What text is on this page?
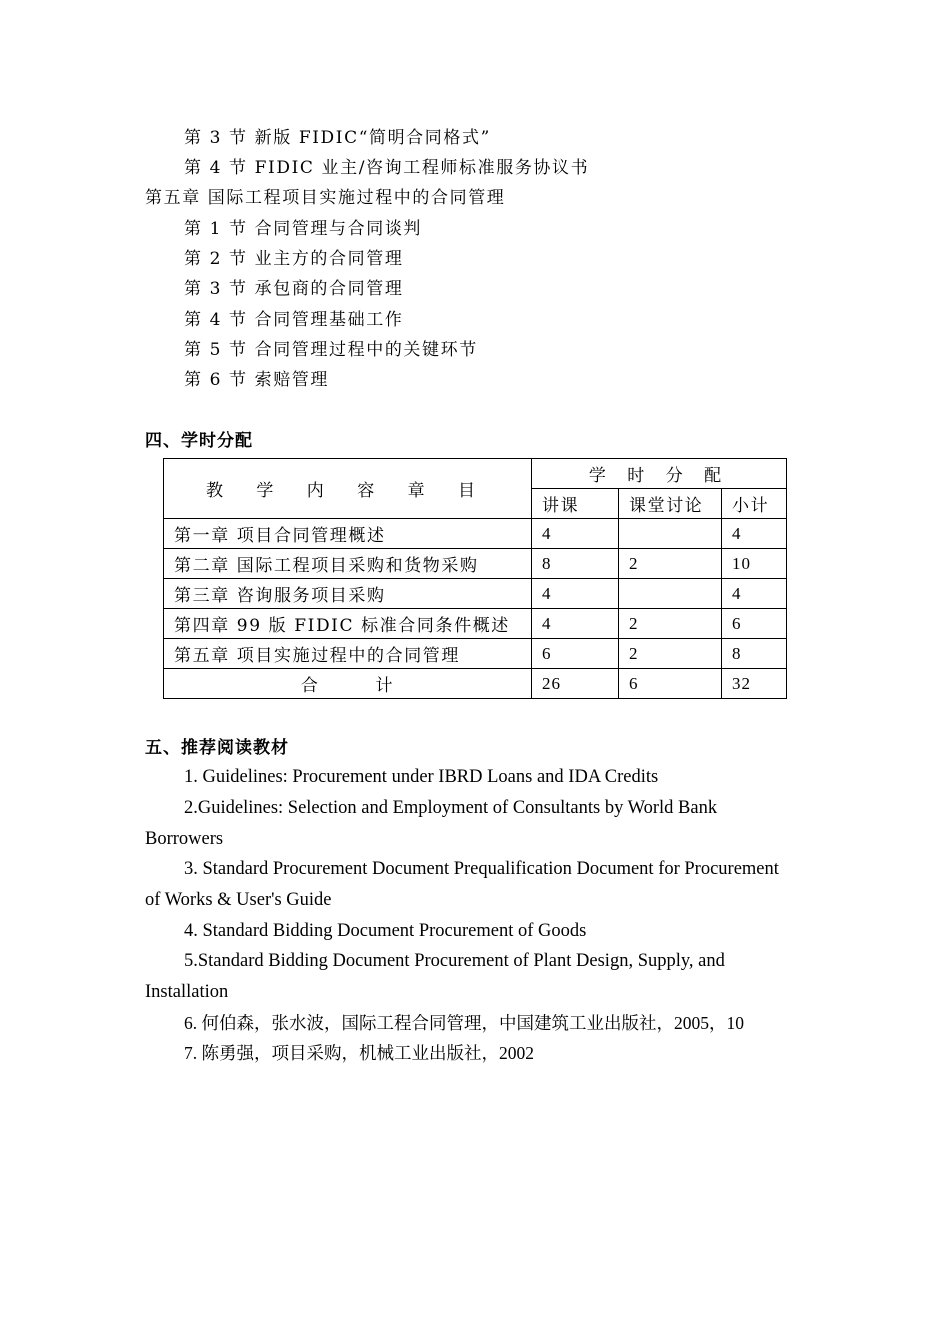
第 3 节 新版 FIDIC“简明合同格式”
第 4 节 FIDIC 业主/咨询工程师标准服务协议书
第五章 国际工程项目实施过程中的合同管理
第 1 节 合同管理与合同谈判
第 2 节 业主方的合同管理
第 3 节 承包商的合同管理
第 4 节 合同管理基础工作
第 5 节 合同管理过程中的关键环节
第 6 节 索赔管理
四、学时分配
教 学 内 容 章 目	学 时 分 配		
	讲课	课堂讨论	小计
第一章 项目合同管理概述	4		4
第二章 国际工程项目采购和货物采购	8	2	10
第三章 咨询服务项目采购	4		4
第四章 99 版 FIDIC 标准合同条件概述	4	2	6
第五章 项目实施过程中的合同管理	6	2	8
合        计	26	6	32
五、推荐阅读教材
1. Guidelines: Procurement under IBRD Loans and IDA Credits
2.Guidelines: Selection and Employment of Consultants by World Bank
Borrowers
3. Standard Procurement Document Prequalification Document for Procurement
of Works & User's Guide
4. Standard Bidding Document Procurement of Goods
5.Standard Bidding Document Procurement of Plant Design, Supply, and
Installation
6. 何伯森，张水波，国际工程合同管理，中国建筑工业出版社，2005，10
7. 陈勇强，项目采购，机械工业出版社，2002
